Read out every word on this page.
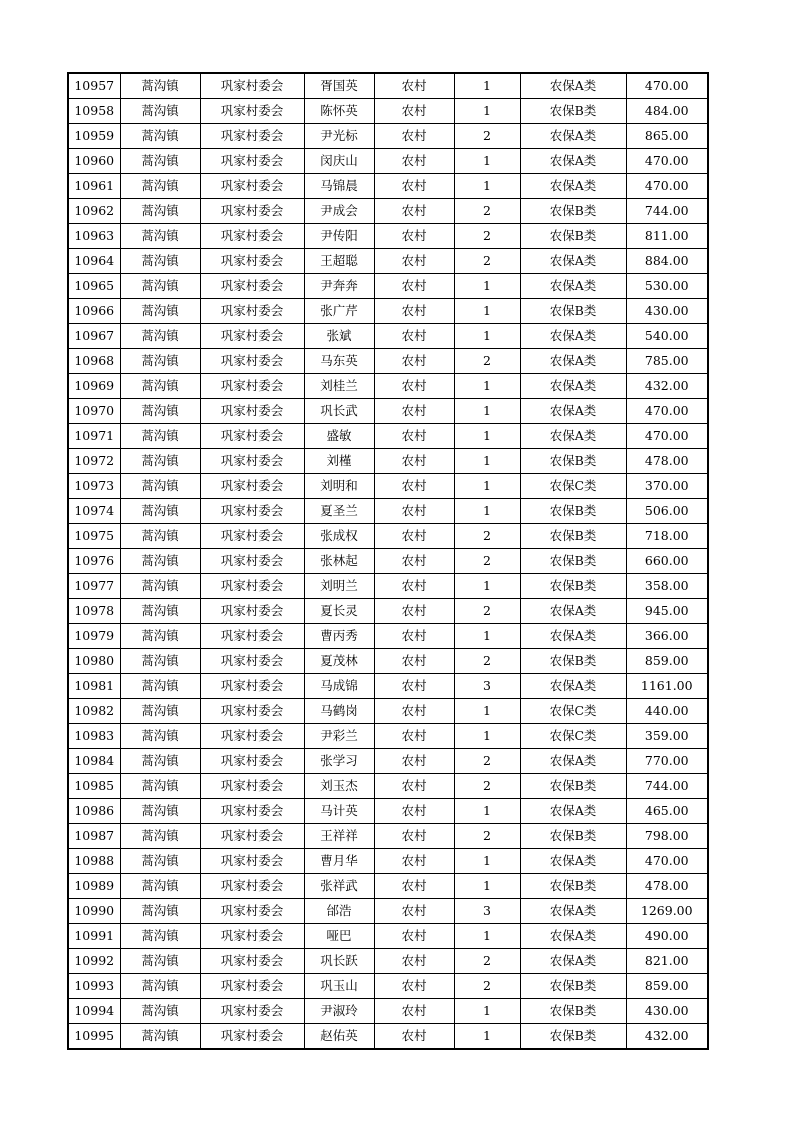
10957	蒿沟镇	巩家村委会	胥国英	农村	1	农保A类	470.00
10958	蒿沟镇	巩家村委会	陈怀英	农村	1	农保B类	484.00
10959	蒿沟镇	巩家村委会	尹光标	农村	2	农保A类	865.00
10960	蒿沟镇	巩家村委会	闵庆山	农村	1	农保A类	470.00
10961	蒿沟镇	巩家村委会	马锦晨	农村	1	农保A类	470.00
10962	蒿沟镇	巩家村委会	尹成会	农村	2	农保B类	744.00
10963	蒿沟镇	巩家村委会	尹传阳	农村	2	农保B类	811.00
10964	蒿沟镇	巩家村委会	王超聪	农村	2	农保A类	884.00
10965	蒿沟镇	巩家村委会	尹奔奔	农村	1	农保A类	530.00
10966	蒿沟镇	巩家村委会	张广芹	农村	1	农保B类	430.00
10967	蒿沟镇	巩家村委会	张斌	农村	1	农保A类	540.00
10968	蒿沟镇	巩家村委会	马东英	农村	2	农保A类	785.00
10969	蒿沟镇	巩家村委会	刘桂兰	农村	1	农保A类	432.00
10970	蒿沟镇	巩家村委会	巩长武	农村	1	农保A类	470.00
10971	蒿沟镇	巩家村委会	盛敏	农村	1	农保A类	470.00
10972	蒿沟镇	巩家村委会	刘槿	农村	1	农保B类	478.00
10973	蒿沟镇	巩家村委会	刘明和	农村	1	农保C类	370.00
10974	蒿沟镇	巩家村委会	夏圣兰	农村	1	农保B类	506.00
10975	蒿沟镇	巩家村委会	张成权	农村	2	农保B类	718.00
10976	蒿沟镇	巩家村委会	张林起	农村	2	农保B类	660.00
10977	蒿沟镇	巩家村委会	刘明兰	农村	1	农保B类	358.00
10978	蒿沟镇	巩家村委会	夏长灵	农村	2	农保A类	945.00
10979	蒿沟镇	巩家村委会	曹丙秀	农村	1	农保A类	366.00
10980	蒿沟镇	巩家村委会	夏茂林	农村	2	农保B类	859.00
10981	蒿沟镇	巩家村委会	马成锦	农村	3	农保A类	1161.00
10982	蒿沟镇	巩家村委会	马鹤岗	农村	1	农保C类	440.00
10983	蒿沟镇	巩家村委会	尹彩兰	农村	1	农保C类	359.00
10984	蒿沟镇	巩家村委会	张学习	农村	2	农保A类	770.00
10985	蒿沟镇	巩家村委会	刘玉杰	农村	2	农保B类	744.00
10986	蒿沟镇	巩家村委会	马计英	农村	1	农保A类	465.00
10987	蒿沟镇	巩家村委会	王祥祥	农村	2	农保B类	798.00
10988	蒿沟镇	巩家村委会	曹月华	农村	1	农保A类	470.00
10989	蒿沟镇	巩家村委会	张祥武	农村	1	农保B类	478.00
10990	蒿沟镇	巩家村委会	邰浩	农村	3	农保A类	1269.00
10991	蒿沟镇	巩家村委会	哑巴	农村	1	农保A类	490.00
10992	蒿沟镇	巩家村委会	巩长跃	农村	2	农保A类	821.00
10993	蒿沟镇	巩家村委会	巩玉山	农村	2	农保B类	859.00
10994	蒿沟镇	巩家村委会	尹淑玲	农村	1	农保B类	430.00
10995	蒿沟镇	巩家村委会	赵佑英	农村	1	农保B类	432.00
